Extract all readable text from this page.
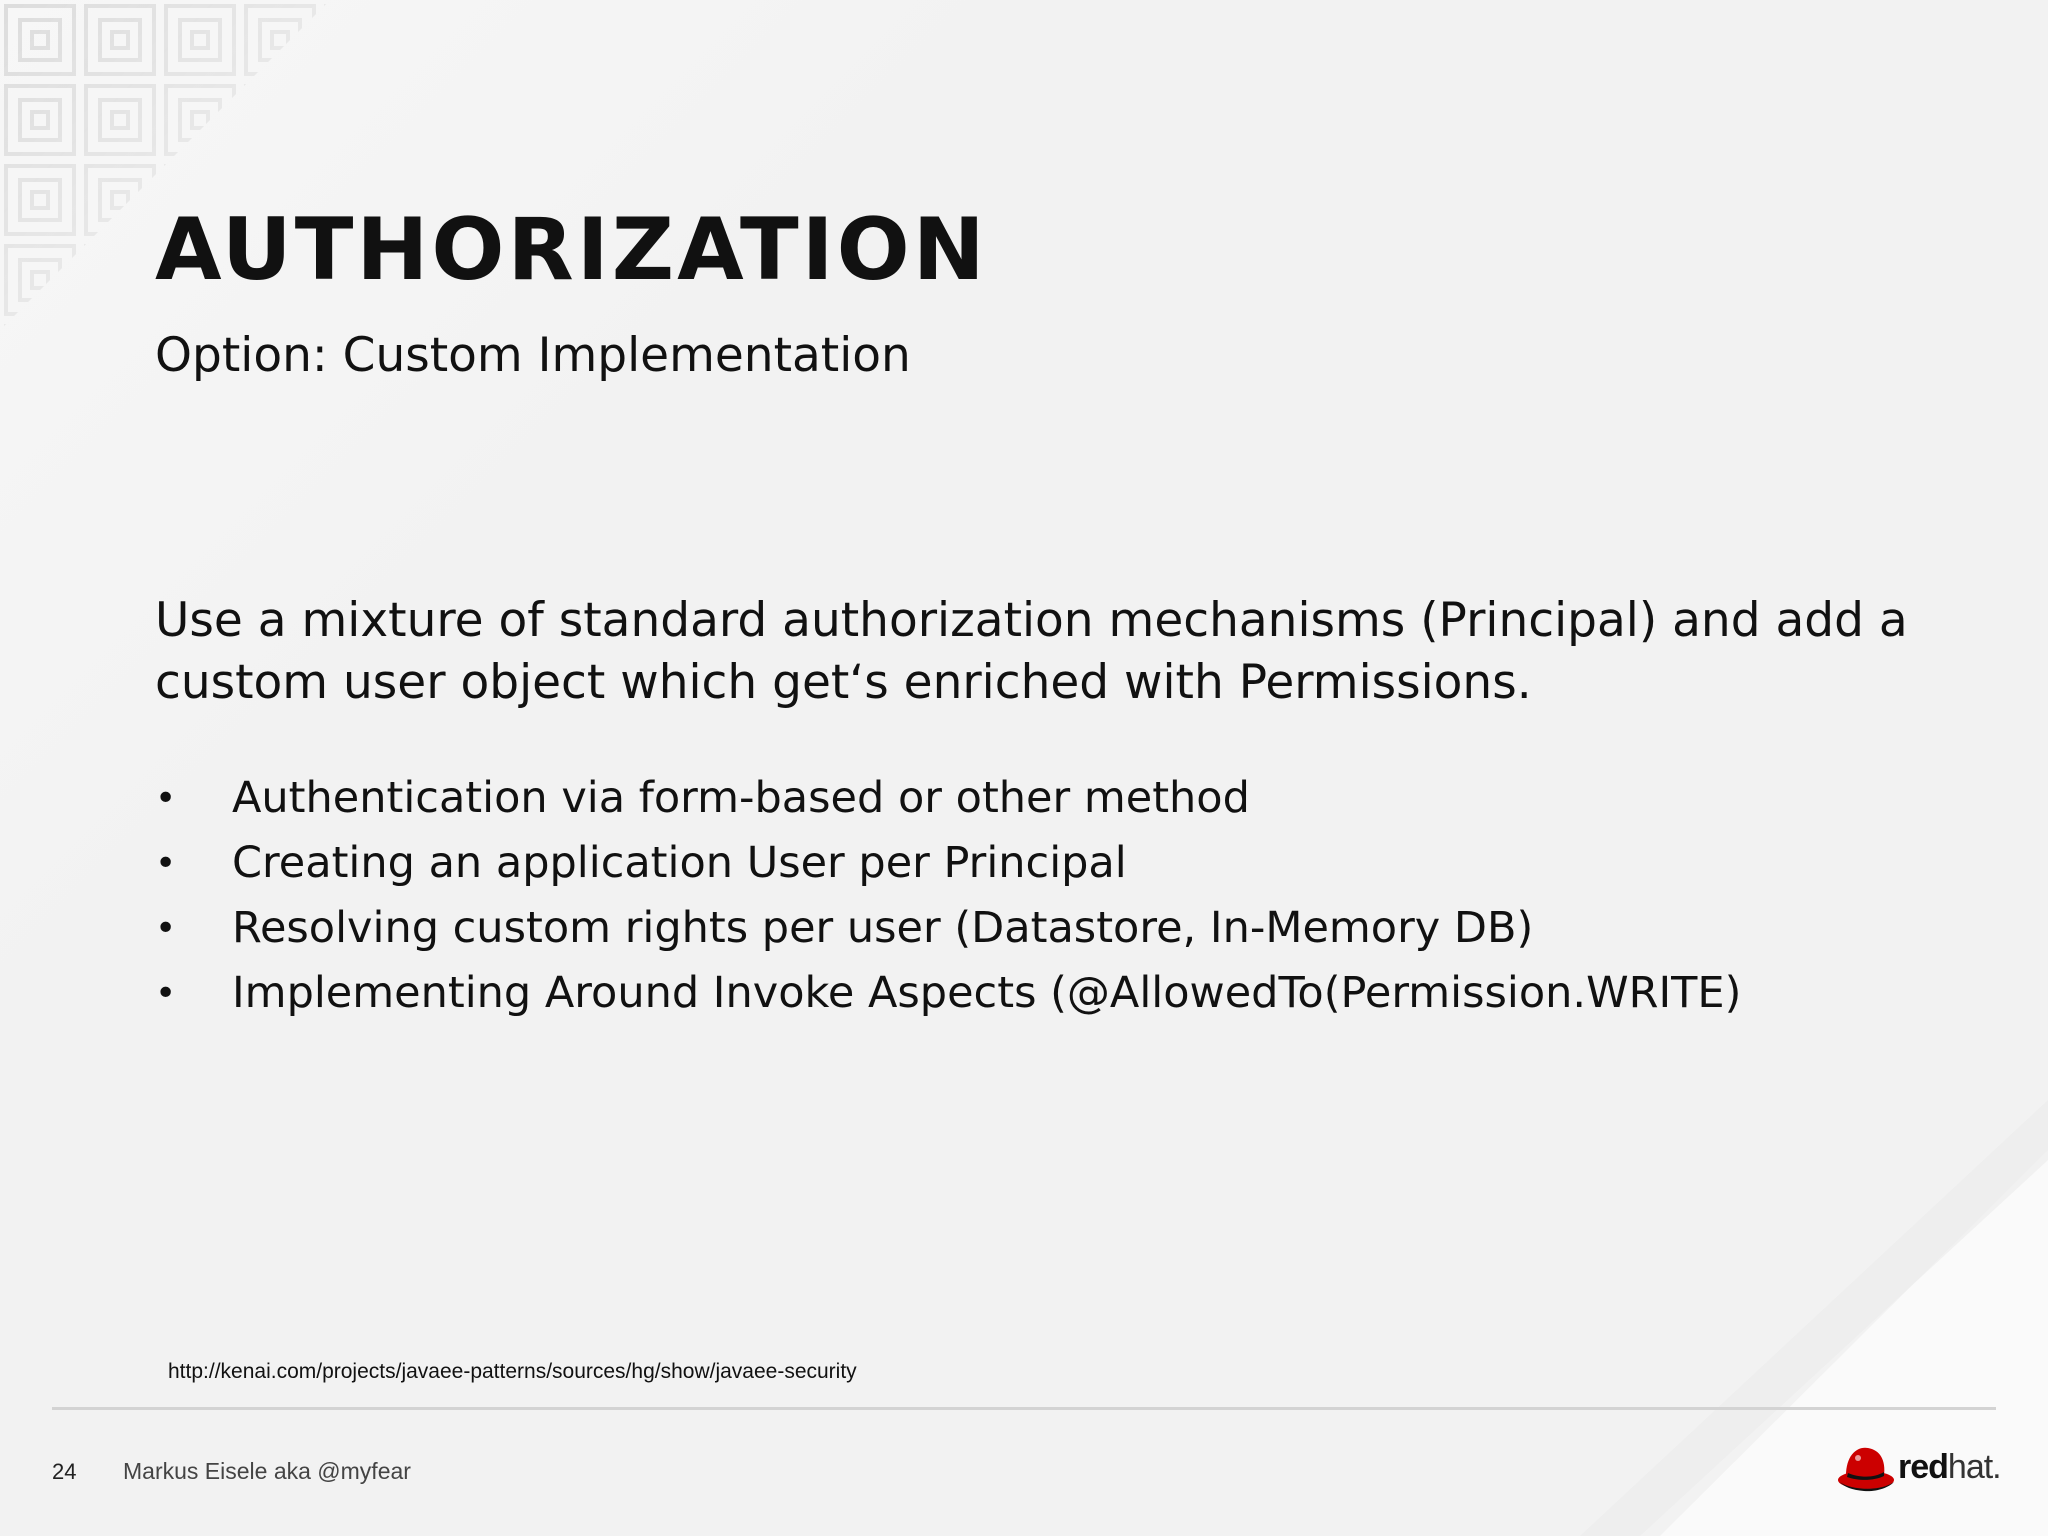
AUTHORIZATION
Option: Custom Implementation
Use a mixture of standard authorization mechanisms (Principal) and add a custom user object which get‘s enriched with Permissions.
• Authentication via form-based or other method
• Creating an application User per Principal
• Resolving custom rights per user (Datastore, In-Memory DB)
• Implementing Around Invoke Aspects (@AllowedTo(Permission.WRITE)
http://kenai.com/projects/javaee-patterns/sources/hg/show/javaee-security
24 Markus Eisele aka @myfear	redhat.
